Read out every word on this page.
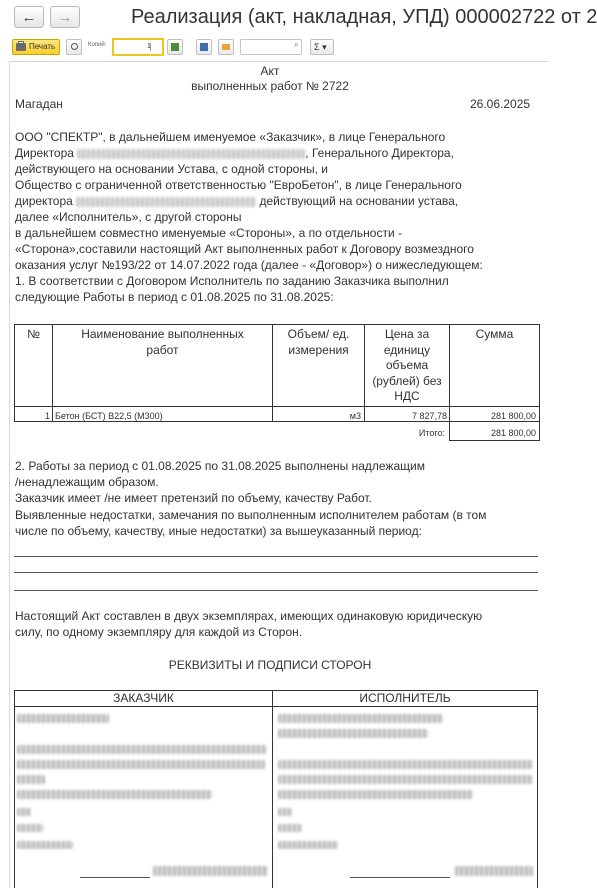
←	→	Реализация (акт, накладная, УПД) 000002722 от 2
Печать	Копий:	1
⌕	Σ ▾
Акт
выполненных работ № 2722
Магадан	26.06.2025
ООО "СПЕКТР", в дальнейшем именуемое «Заказчик», в лице Генерального
Директора	, Генерального Директора,
действующего на основании Устава, с одной стороны, и
Общество с ограниченной ответственностью "ЕвроБетон", в лице Генерального
директора	действующий на основании устава,
далее «Исполнитель», с другой стороны
в дальнейшем совместно именуемые «Стороны», а по отдельности -
«Сторона»,составили настоящий Акт выполненных работ к Договору возмездного
оказания услуг №193/22 от 14.07.2022 года (далее - «Договор») о нижеследующем:
1. В соответствии с Договором Исполнитель по заданию Заказчика выполнил
следующие Работы в период с 01.08.2025 по 31.08.2025:
№	Наименование выполненных
работ
Объем/ ед.
измерения
Цена за
единицу
объема
(рублей) без
НДС
Сумма
1 Бетон (БСТ) В22,5 (М300)	м3	7 827,78	281 800,00
Итого:	281 800,00
2. Работы за период с 01.08.2025 по 31.08.2025 выполнены надлежащим
/ненадлежащим образом.
Заказчик имеет /не имеет претензий по объему, качеству Работ.
Выявленные недостатки, замечания по выполненным исполнителем работам (в том
числе по объему, качеству, иные недостатки) за вышеуказанный период:
Настоящий Акт составлен в двух экземплярах, имеющих одинаковую юридическую
силу, по одному экземпляру для каждой из Сторон.
РЕКВИЗИТЫ И ПОДПИСИ СТОРОН
ЗАКАЗЧИК	ИСПОЛНИТЕЛЬ
